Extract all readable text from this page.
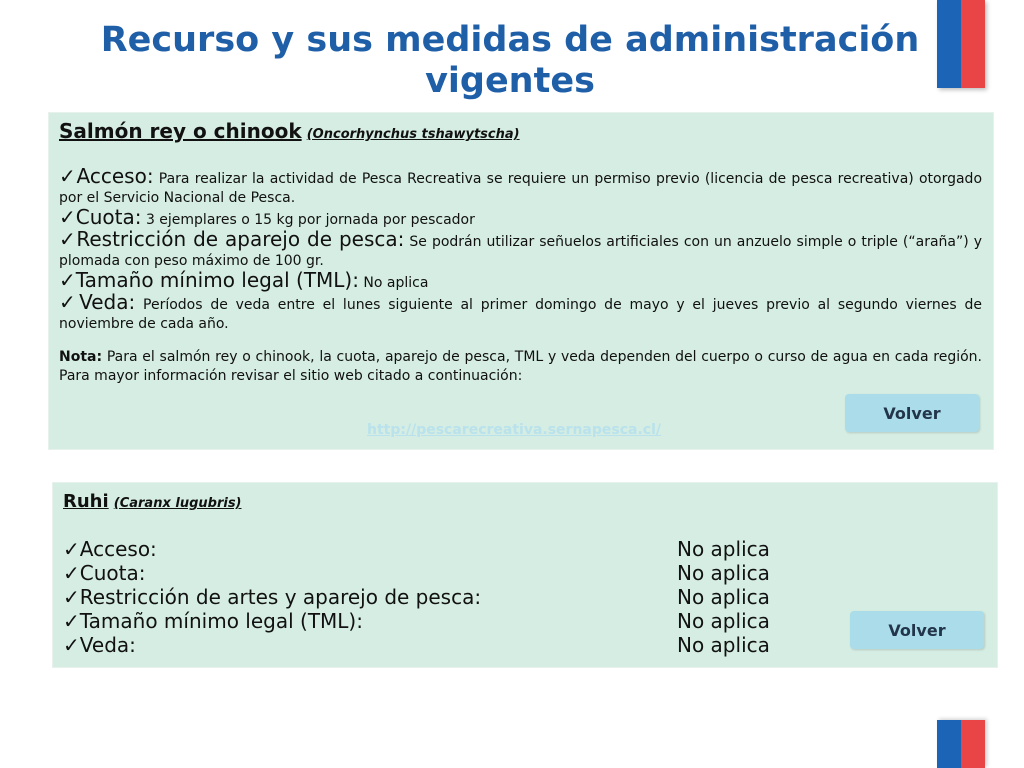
Recurso y sus medidas de administración
vigentes
Salmón rey o chinook (Oncorhynchus tshawytscha)
✓Acceso: Para realizar la actividad de Pesca Recreativa se requiere un permiso previo (licencia de pesca recreativa) otorgado por el Servicio Nacional de Pesca.
✓Cuota: 3 ejemplares o 15 kg por jornada por pescador
✓Restricción de aparejo de pesca: Se podrán utilizar señuelos artificiales con un anzuelo simple o triple (“araña”) y plomada con peso máximo de 100 gr.
✓Tamaño mínimo legal (TML): No aplica
✓Veda: Períodos de veda entre el lunes siguiente al primer domingo de mayo y el jueves previo al segundo viernes de noviembre de cada año.
Nota: Para el salmón rey o chinook, la cuota, aparejo de pesca, TML y veda dependen del cuerpo o curso de agua en cada región. Para mayor información revisar el sitio web citado a continuación:
Volver
http://pescarecreativa.sernapesca.cl/
Ruhi (Caranx lugubris)
✓Acceso:	No aplica
✓Cuota:	No aplica
✓Restricción de artes y aparejo de pesca:	No aplica
✓Tamaño mínimo legal (TML):	No aplica
✓Veda:	No aplica
Volver
